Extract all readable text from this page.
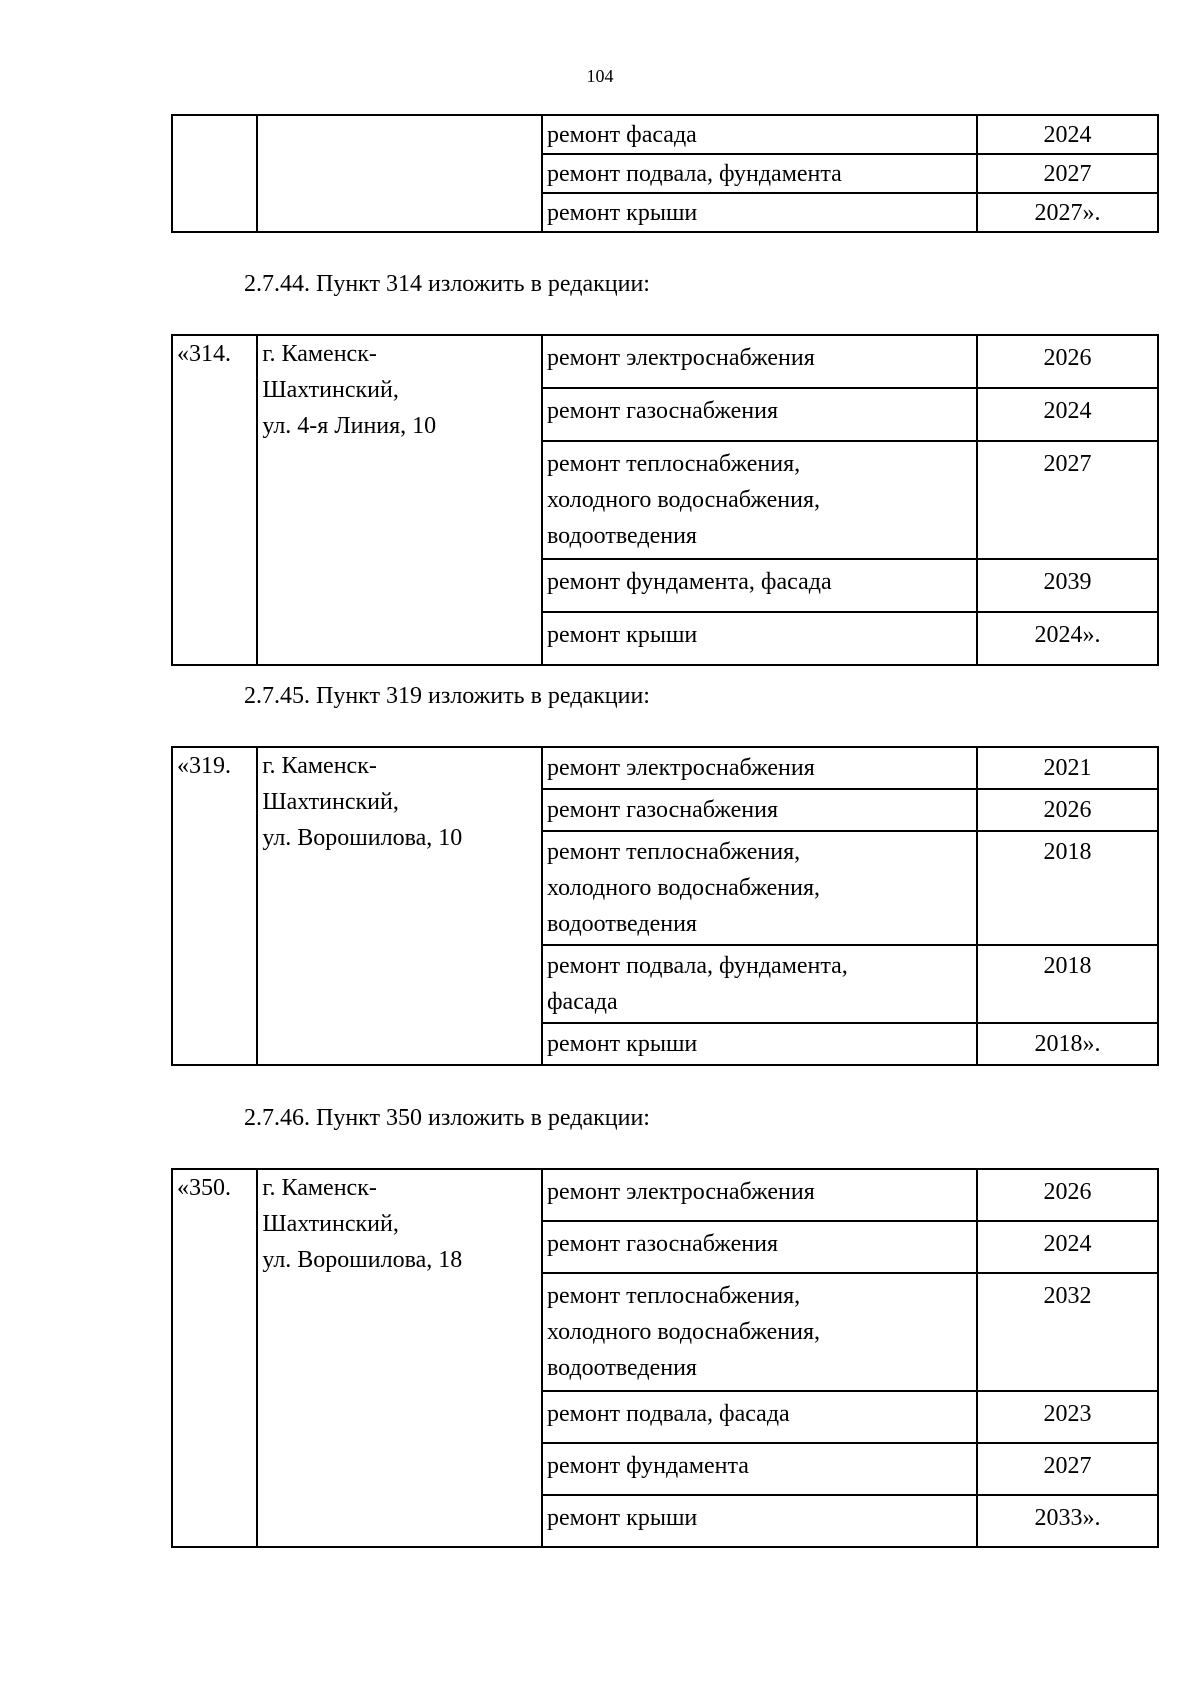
104
		ремонт фасада	2024
		ремонт подвала, фундамента	2027
		ремонт крыши	2027».
2.7.44. Пункт 314 изложить в редакции:
«314.	г. Каменск-
Шахтинский,
ул. 4-я Линия, 10	ремонт электроснабжения	2026
		ремонт газоснабжения	2024

		ремонт теплоснабжения,
холодного водоснабжения,
водоотведения	2027
		ремонт фундамента, фасада	2039
		ремонт крыши	2024».
2.7.45. Пункт 319 изложить в редакции:
«319.	г. Каменск-
Шахтинский,
ул. Ворошилова, 10	ремонт электроснабжения	2021
		ремонт газоснабжения	2026

		ремонт теплоснабжения,
холодного водоснабжения,
водоотведения	2018

		ремонт подвала, фундамента,
фасада	2018
		ремонт крыши	2018».
2.7.46. Пункт 350 изложить в редакции:
«350.	г. Каменск-
Шахтинский,
ул. Ворошилова, 18	ремонт электроснабжения	2026
		ремонт газоснабжения	2024

		ремонт теплоснабжения,
холодного водоснабжения,
водоотведения	2032
		ремонт подвала, фасада	2023
		ремонт фундамента	2027
		ремонт крыши	2033».
